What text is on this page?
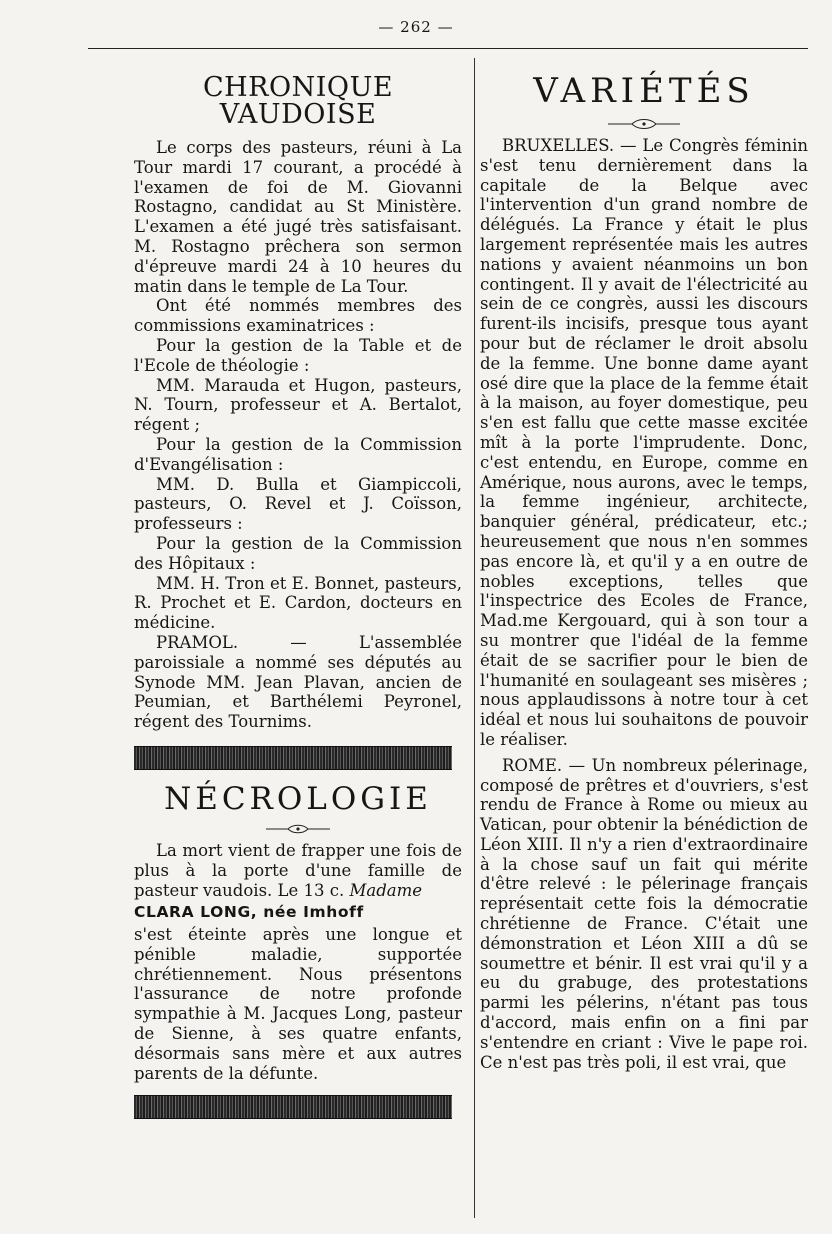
— 262 —
CHRONIQUE VAUDOISE

Le corps des pasteurs, réuni à La Tour mardi 17 courant, a procédé à l'examen de foi de M. Giovanni Rostagno, candidat au St Ministère. L'examen a été jugé très satisfaisant. M. Rostagno prêchera son sermon d'épreuve mardi 24 à 10 heures du matin dans le temple de La Tour.

Ont été nommés membres des commissions examinatrices :

Pour la gestion de la Table et de l'Ecole de théologie :

MM. Marauda et Hugon, pasteurs, N. Tourn, professeur et A. Bertalot, régent ;

Pour la gestion de la Commission d'Evangélisation :

MM. D. Bulla et Giampiccoli, pasteurs, O. Revel et J. Coïsson, professeurs :

Pour la gestion de la Commission des Hôpitaux :

MM. H. Tron et E. Bonnet, pasteurs, R. Prochet et E. Cardon, docteurs en médicine.

PRAMOL. — L'assemblée paroissiale a nommé ses députés au Synode MM. Jean Plavan, ancien de Peumian, et Barthélemi Peyronel, régent des Tournims.

NÉCROLOGIE

La mort vient de frapper une fois de plus à la porte d'une famille de pasteur vaudois. Le 13 c. Madame

CLARA LONG, née Imhoff

s'est éteinte après une longue et pénible maladie, supportée chrétiennement. Nous présentons l'assurance de notre profonde sympathie à M. Jacques Long, pasteur de Sienne, à ses quatre enfants, désormais sans mère et aux autres parents de la défunte.

VARIÉTÉS

BRUXELLES. — Le Congrès féminin s'est tenu dernièrement dans la capitale de la Belque avec l'intervention d'un grand nombre de délégués. La France y était le plus largement représentée mais les autres nations y avaient néanmoins un bon contingent. Il y avait de l'électricité au sein de ce congrès, aussi les discours furent-ils incisifs, presque tous ayant pour but de réclamer le droit absolu de la femme. Une bonne dame ayant osé dire que la place de la femme était à la maison, au foyer domestique, peu s'en est fallu que cette masse excitée mît à la porte l'imprudente. Donc, c'est entendu, en Europe, comme en Amérique, nous aurons, avec le temps, la femme ingénieur, architecte, banquier général, prédicateur, etc.; heureusement que nous n'en sommes pas encore là, et qu'il y a en outre de nobles exceptions, telles que l'inspectrice des Ecoles de France, Mad.me Kergouard, qui à son tour a su montrer que l'idéal de la femme était de se sacrifier pour le bien de l'humanité en soulageant ses misères ; nous applaudissons à notre tour à cet idéal et nous lui souhaitons de pouvoir le réaliser.

ROME. — Un nombreux pélerinage, composé de prêtres et d'ouvriers, s'est rendu de France à Rome ou mieux au Vatican, pour obtenir la bénédiction de Léon XIII. Il n'y a rien d'extraordinaire à la chose sauf un fait qui mérite d'être relevé : le pélerinage français représentait cette fois la démocratie chrétienne de France. C'était une démonstration et Léon XIII a dû se soumettre et bénir. Il est vrai qu'il y a eu du grabuge, des protestations parmi les pélerins, n'étant pas tous d'accord, mais enfin on a fini par s'entendre en criant : Vive le pape roi. Ce n'est pas très poli, il est vrai, que
